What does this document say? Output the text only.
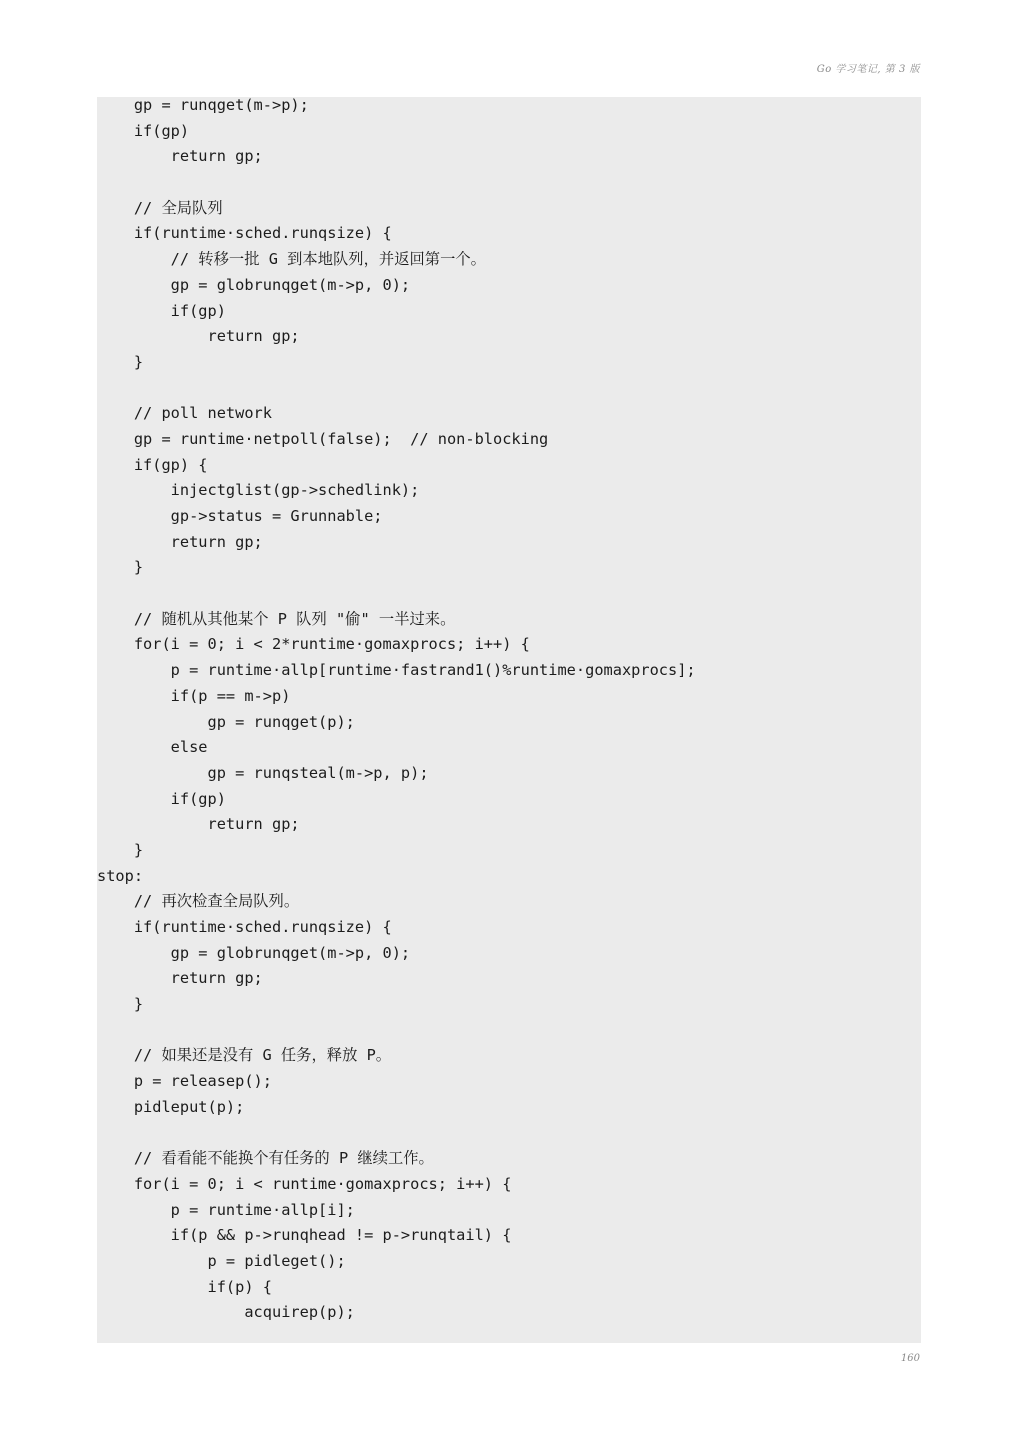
Go 学习笔记, 第 3 版
gp = runqget(m->p);
if(gp)
return gp;
// 全局队列
if(runtime·sched.runqsize) {
// 转移一批 G 到本地队列，并返回第一个。
gp = globrunqget(m->p, 0);
if(gp)
return gp;
}
// poll network
gp = runtime·netpoll(false);  // non-blocking
if(gp) {
injectglist(gp->schedlink);
gp->status = Grunnable;
return gp;
}
// 随机从其他某个 P 队列 "偷" 一半过来。
for(i = 0; i < 2*runtime·gomaxprocs; i++) {
p = runtime·allp[runtime·fastrand1()%runtime·gomaxprocs];
if(p == m->p)
gp = runqget(p);
else
gp = runqsteal(m->p, p);
if(gp)
return gp;
}
stop:
// 再次检查全局队列。
if(runtime·sched.runqsize) {
gp = globrunqget(m->p, 0);
return gp;
}
// 如果还是没有 G 任务，释放 P。
p = releasep();
pidleput(p);
// 看看能不能换个有任务的 P 继续工作。
for(i = 0; i < runtime·gomaxprocs; i++) {
p = runtime·allp[i];
if(p && p->runqhead != p->runqtail) {
p = pidleget();
if(p) {
acquirep(p);
160
